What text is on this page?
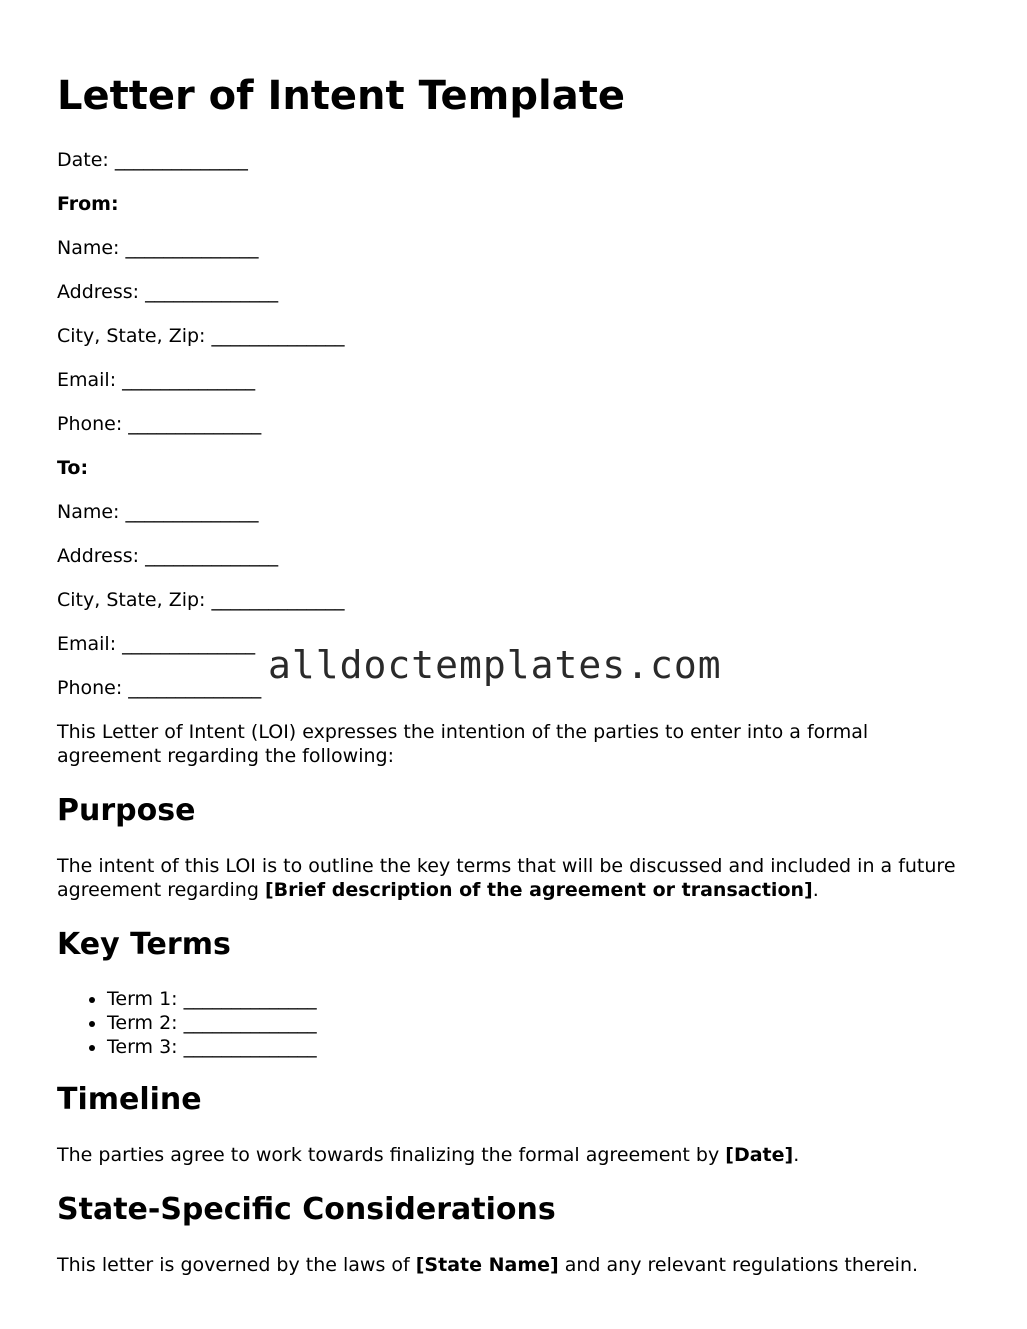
Letter of Intent Template

Date: ______________

From:

Name: ______________

Address: ______________

City, State, Zip: ______________

Email: ______________

Phone: ______________

To:

Name: ______________

Address: ______________

City, State, Zip: ______________

Email: ______________

Phone: ______________

This Letter of Intent (LOI) expresses the intention of the parties to enter into a formal agreement regarding the following:

Purpose

The intent of this LOI is to outline the key terms that will be discussed and included in a future agreement regarding [Brief description of the agreement or transaction].

Key Terms
• Term 1: ______________
• Term 2: ______________
• Term 3: ______________
Timeline

The parties agree to work towards finalizing the formal agreement by [Date].

State-Specific Considerations

This letter is governed by the laws of [State Name] and any relevant regulations therein.

alldoctemplates.com
